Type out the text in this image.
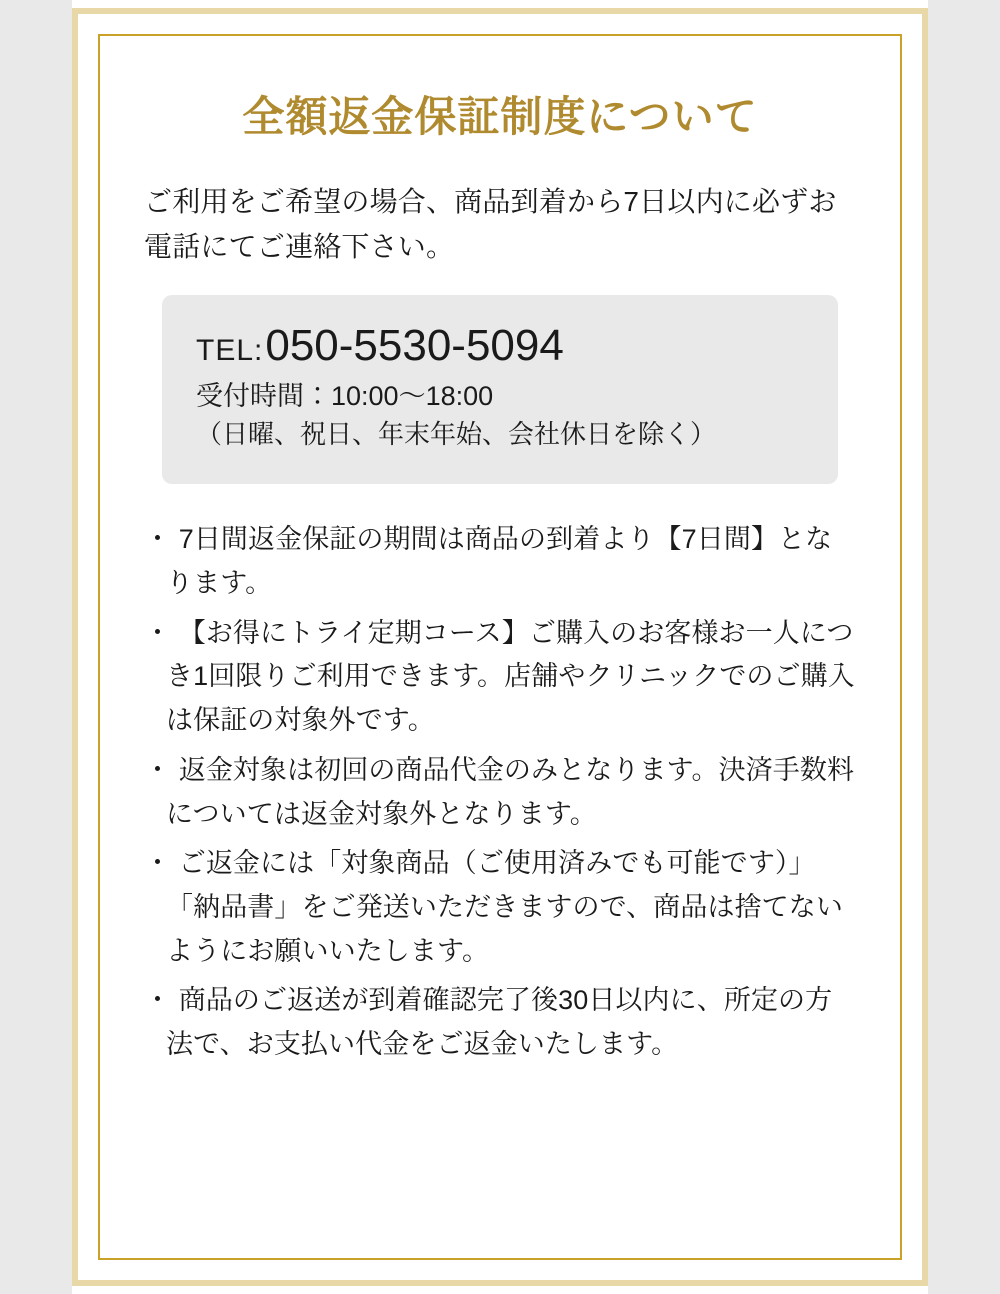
全額返金保証制度について

ご利用をご希望の場合、商品到着から7日以内に必ずお電話にてご連絡下さい。

TEL: 050-5530-5094
受付時間：10:00〜18:00
（日曜、祝日、年末年始、会社休日を除く）
・ 7日間返金保証の期間は商品の到着より【7日間】となります。
・ 【お得にトライ定期コース】ご購入のお客様お一人につき1回限りご利用できます。店舗やクリニックでのご購入は保証の対象外です。
・ 返金対象は初回の商品代金のみとなります。決済手数料については返金対象外となります。
・ ご返金には「対象商品（ご使用済みでも可能です）」「納品書」をご発送いただきますので、商品は捨てないようにお願いいたします。
・ 商品のご返送が到着確認完了後30日以内に、所定の方法で、お支払い代金をご返金いたします。
